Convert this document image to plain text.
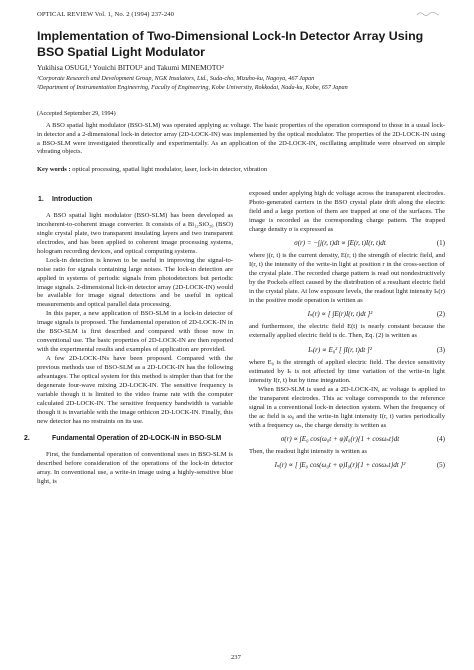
OPTICAL REVIEW Vol. 1, No. 2 (1994) 237-240
Implementation of Two-Dimensional Lock-In Detector Array Using BSO Spatial Light Modulator
Yukihisa OSUGI,¹ Youichi BITOU² and Takumi MINEMOTO²
¹Corporate Research and Development Group, NGK Insulators, Ltd., Suda-cho, Mizuho-ku, Nagoya, 467 Japan
²Department of Instrumentation Engineering, Faculty of Engineering, Kobe University, Rokkodai, Nada-ku, Kobe, 657 Japan
(Accepted September 29, 1994)
A BSO spatial light modulator (BSO-SLM) was operated applying ac voltage. The basic properties of the operation correspond to those in a usual lock-in detector and a 2-dimensional lock-in detector array (2D-LOCK-IN) was implemented by the optical modulator. The properties of the 2D-LOCK-IN using a BSO-SLM were investigated theoretically and experimentally. As an application of the 2D-LOCK-IN, oscillating amplitude were observed on simple vibrating objects.
Key words : optical processing, spatial light modulator, laser, lock-in detector, vibration
1. Introduction

A BSO spatial light modulator (BSO-SLM) has been developed as incoherent-to-coherent image converter. It consists of a Bi₁₂SiO₂₀ (BSO) single crystal plate, two transparent insulating layers and two transparent electrodes, and has been applied to coherent image processing systems, hologram recording devices, and optical computing systems.

Lock-in detection is known to be useful in improving the signal-to-noise ratio for signals containing large noises. The lock-in detection are applied in systems of periodic signals from photodetectors but periodic image signals. 2-dimensional lick-in detector array (2D-LOCK-IN) would be available for image signal detections and be useful in optical measurements and optical parallel data processing.

In this paper, a new application of BSO-SLM in a lock-in detector of image signals is proposed. The fundamental operation of 2D-LOCK-IN in the BSO-SLM is first described and compared with those now in conventional use. The basic properties of 2D-LOCK-IN are then reported with the experimental results and examples of application are provided.

A few 2D-LOCK-INs have been proposed. Compared with the previous methods use of BSO-SLM as a 2D-LOCK-IN has the following advantages. The optical system for this method is simpler than that for the degenerate four-wave mixing 2D-LOCK-IN. The sensitive frequency is variable though it is limited to the video frame rate with the computer calculated 2D-LOCK-IN. The sensitive frequency bandwidth is variable though it is invariable with the image orthicon 2D-LOCK-IN. Finally, this new detector has no restraints on its use.

2.	Fundamental Operation of 2D-LOCK-IN in BSO-SLM

First, the fundamental operation of conventional uses in BSO-SLM is described before consideration of the operations of the lock-in detector array. In conventional use, a write-in image using a highly-sensitive blue light, is

exposed under applying high dc voltage across the transparent electrodes. Photo-generated carriers in the BSO crystal plate drift along the electric field and a large portion of them are trapped at one of the surfaces. The image is recorded as the corresponding charge pattern. The trapped charge density σ is expressed as

σ(r) = −∫j(r, t)dt ∝ ∫E(r, t)I(r, t)dt	(1)

where j(r, t) is the current density, E(r, t) the strength of electric field, and I(r, t) the intensity of the write-in light at position r in the cross-section of the crystal plate. The recorded charge pattern is read out nondestructively by the Pockels effect caused by the distribution of a resultant electric field in the crystal plate. At low exposure levels, the readout light intensity Iₛ(r) in the positive mode operation is written as

Iₛ(r) ∝ [ ∫E(r)I(r, t)dt ]²	(2)

and furthermore, the electric field E(t) is nearly constant because the externally applied electric field is dc. Then, Eq. (2) is written as

Iₛ(r) ∝ E₀² [ ∫I(r, t)dt ]²	(3)

where E₀ is the strength of applied electric field. The device sensitivity estimated by Iₛ is not affected by time variation of the write-in light intensity I(r, t) but by time integration.

When BSO-SLM is used as a 2D-LOCK-IN, ac voltage is applied to the transparent electrodes. This ac voltage corresponds to the reference signal in a conventional lock-in detection system. When the frequency of the ac field is ω₀ and the write-in light intensity I(r, t) varies periodically with a frequency ωₛ, the charge density is written as

σ(r) ∝ ∫E₀ cos(ω₀t + φ)I₀(r){1 + cosωₛt}dt	(4)

Then, the readout light intensity is written as

Iₛ(r) ∝ [ ∫E₀ cos(ω₀t + φ)I₀(r){1 + cosωₛt}dt ]²	(5)
237
